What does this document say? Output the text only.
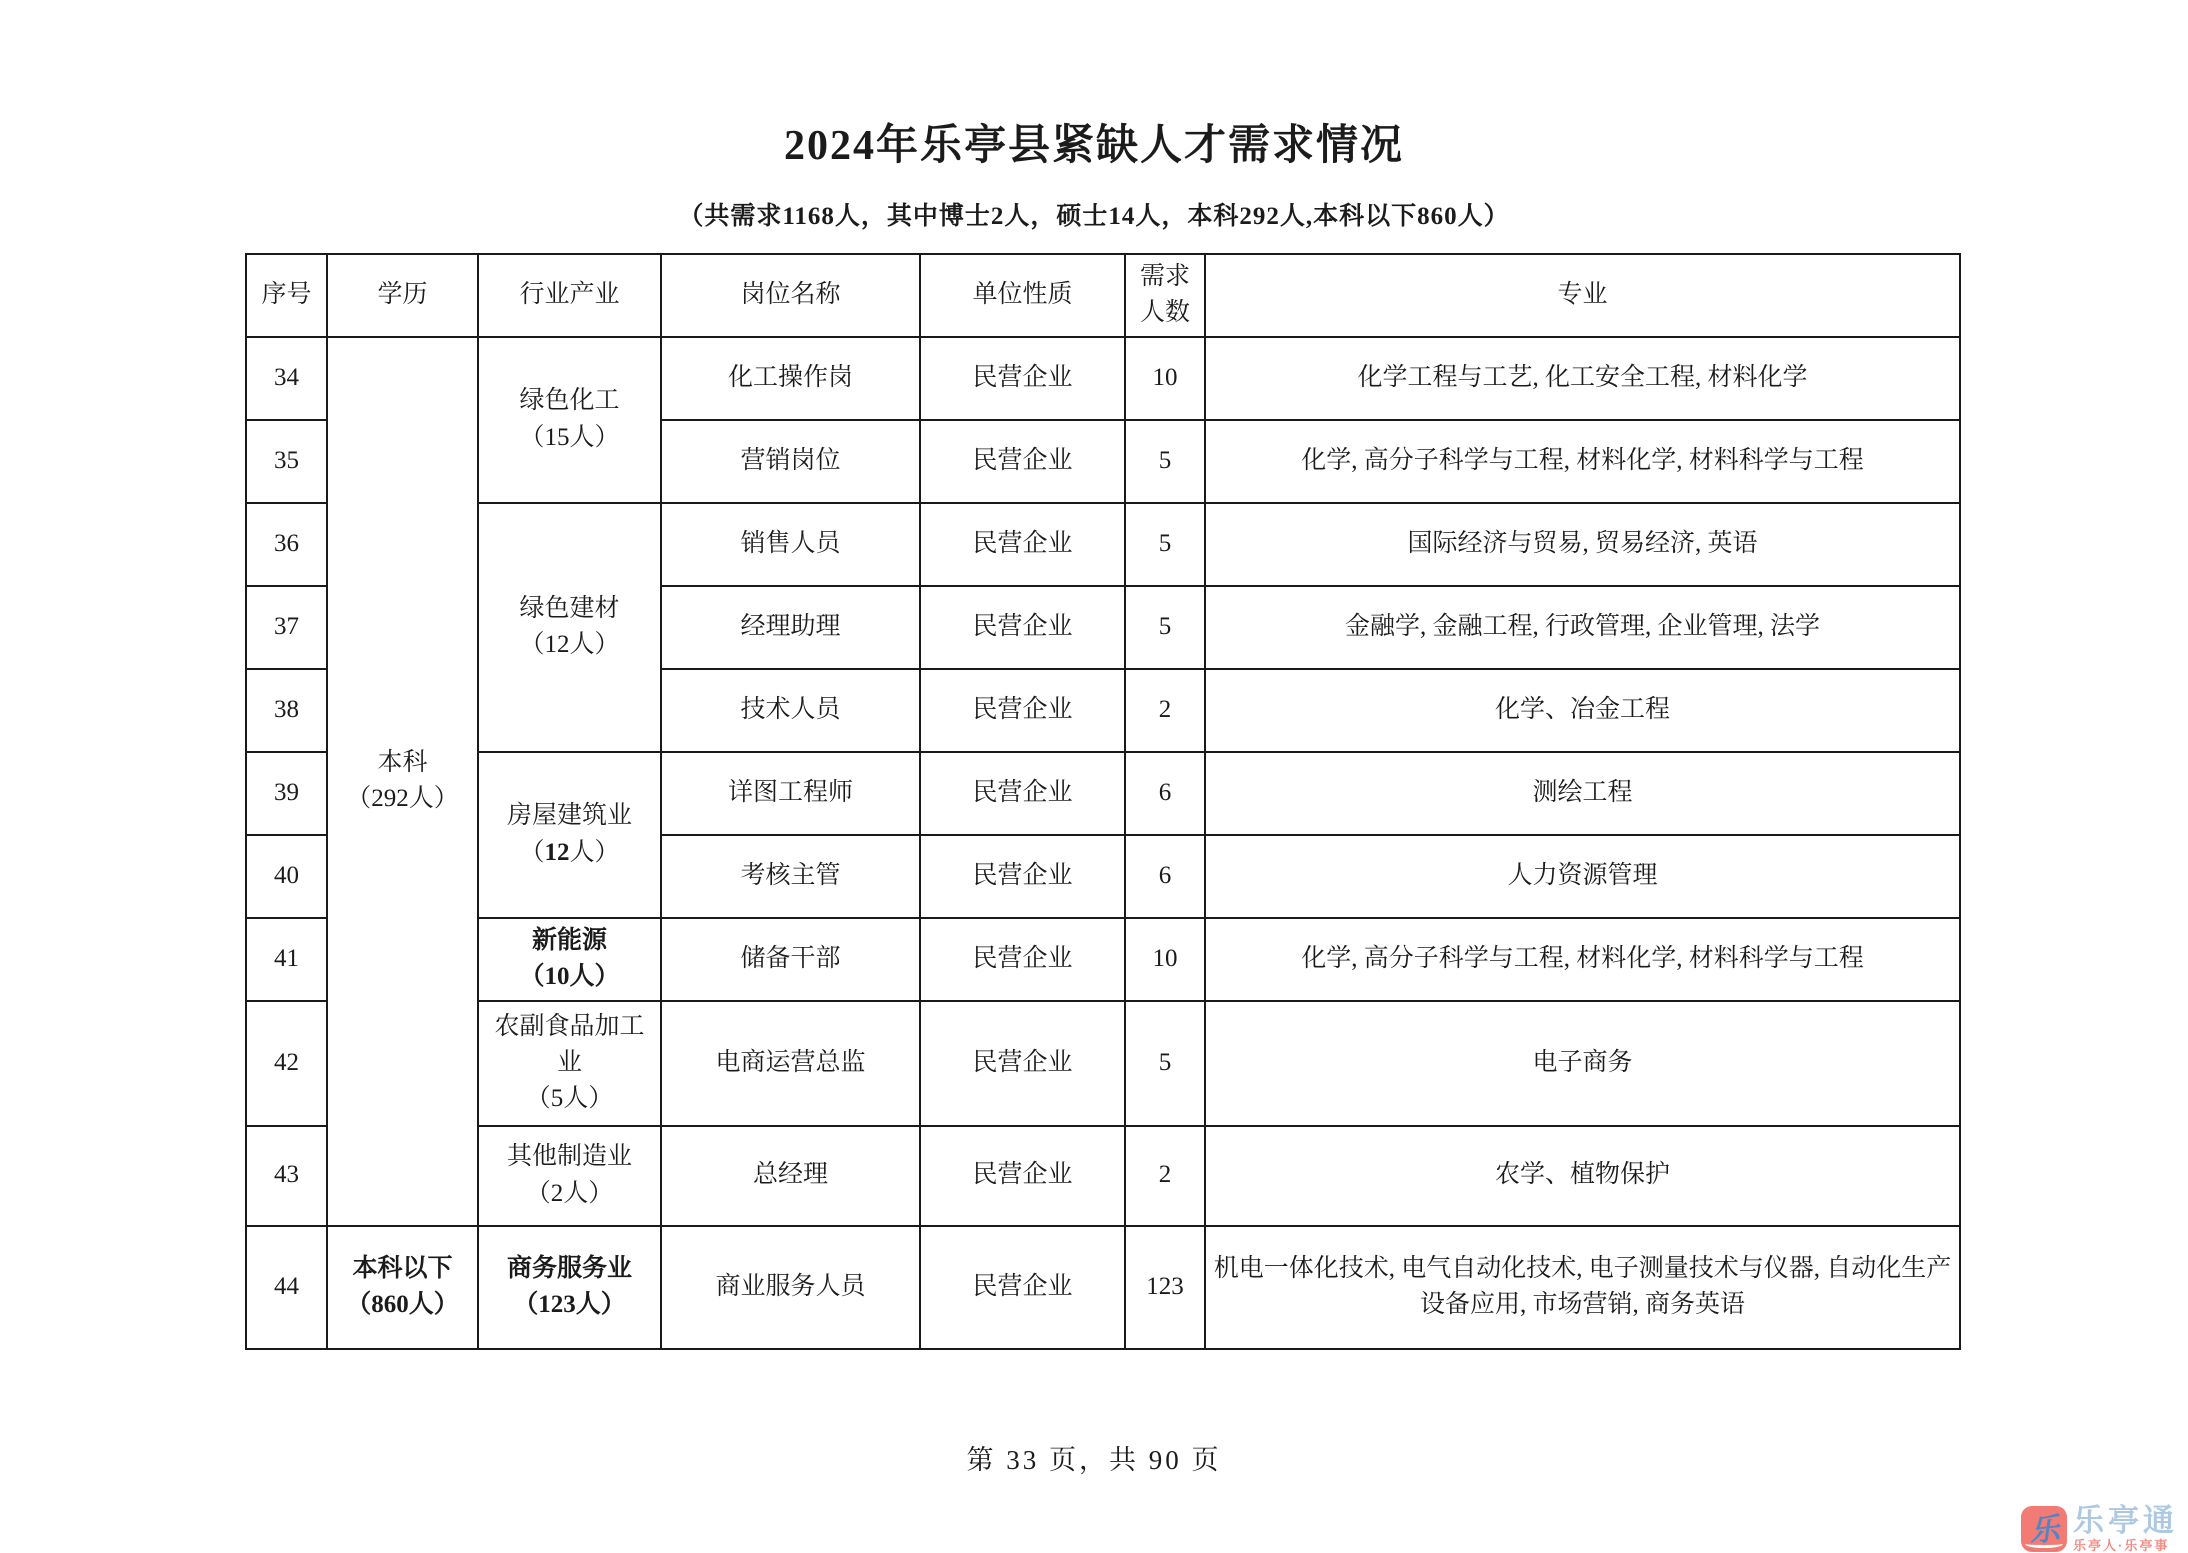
2024年乐亭县紧缺人才需求情况
（共需求1168人，其中博士2人，硕士14人，本科292人,本科以下860人）
序号	学历	行业产业	岗位名称	单位性质	需求
人数	专业
34	本科
（292人）	绿色化工
（15人）	化工操作岗	民营企业	10	化学工程与工艺, 化工安全工程, 材料化学
35			营销岗位	民营企业	5	化学, 高分子科学与工程, 材料化学, 材料科学与工程
36		绿色建材
（12人）	销售人员	民营企业	5	国际经济与贸易, 贸易经济, 英语
37			经理助理	民营企业	5	金融学, 金融工程, 行政管理, 企业管理, 法学
38			技术人员	民营企业	2	化学、冶金工程
39		房屋建筑业
（12人）	详图工程师	民营企业	6	测绘工程
40			考核主管	民营企业	6	人力资源管理
41		新能源
（10人）	储备干部	民营企业	10	化学, 高分子科学与工程, 材料化学, 材料科学与工程
42		农副食品加工
业
（5人）	电商运营总监	民营企业	5	电子商务
43		其他制造业
（2人）	总经理	民营企业	2	农学、植物保护
44	本科以下
（860人）	商务服务业
（123人）	商业服务人员	民营企业	123	机电一体化技术, 电气自动化技术, 电子测量技术与仪器, 自动化生产设备应用, 市场营销, 商务英语
第 33 页，共 90 页
乐 乐亭通
乐亭人·乐亭事
